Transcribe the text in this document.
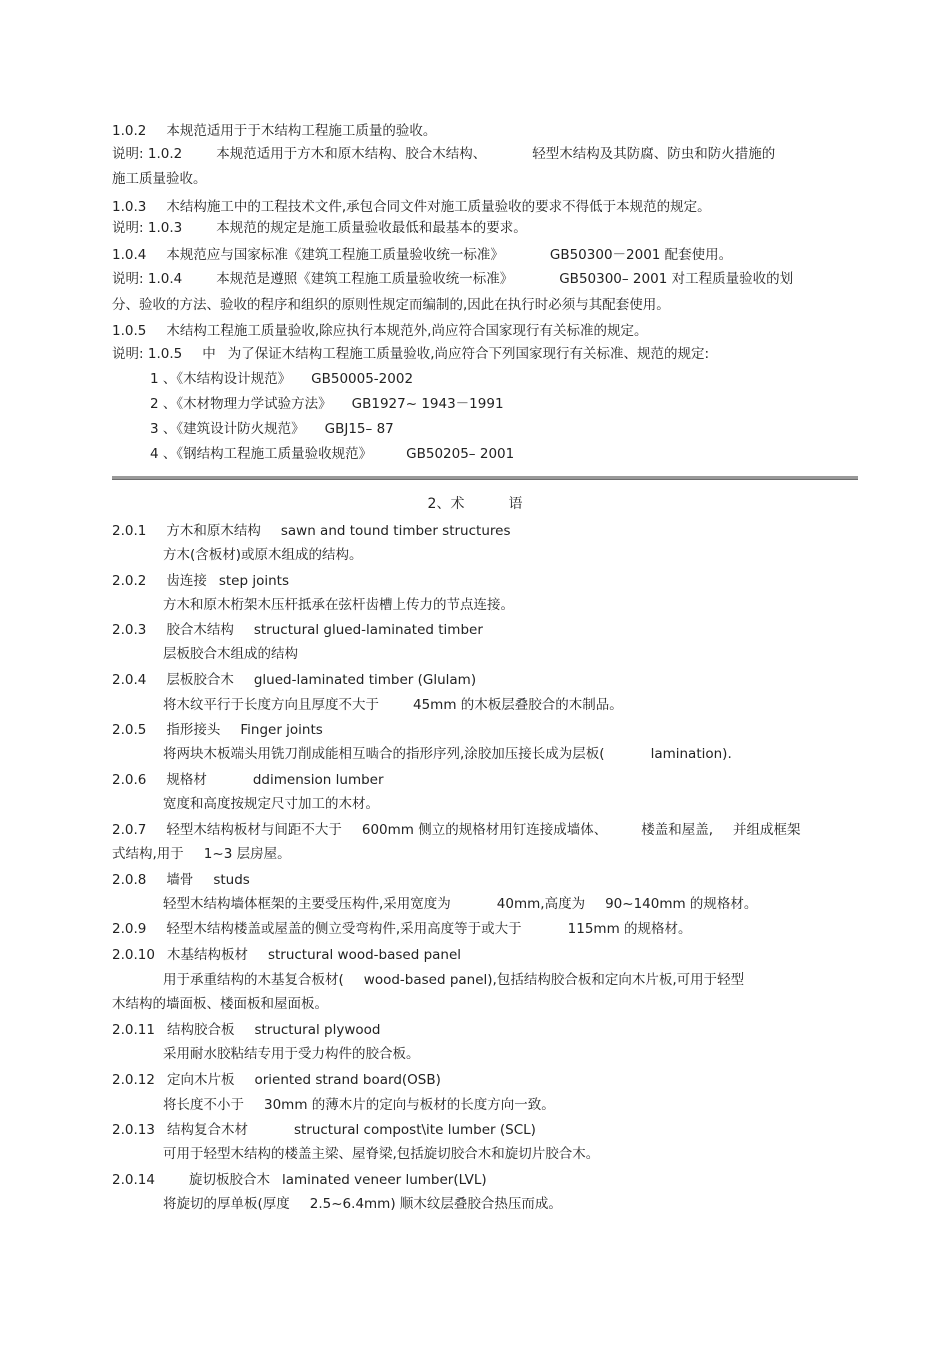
1.0.2 本规范适用于于木结构工程施工质量的验收。
说明: 1.0.2	本规范适用于方木和原木结构、胶合木结构、	轻型木结构及其防腐、防虫和防火措施的
施工质量验收。
1.0.3 木结构施工中的工程技术文件,承包合同文件对施工质量验收的要求不得低于本规范的规定。
说明: 1.0.3	本规范的规定是施工质量验收最低和最基本的要求。
1.0.4 本规范应与国家标准《建筑工程施工质量验收统一标准》	GB50300－2001 配套使用。
说明: 1.0.4	本规范是遵照《建筑工程施工质量验收统一标准》	GB50300– 2001 对工程质量验收的划
分、验收的方法、验收的程序和组织的原则性规定而编制的,因此在执行时必须与其配套使用。
1.0.5 木结构工程施工质量验收,除应执行本规范外,尚应符合国家现行有关标准的规定。
说明: 1.0.5 中 为了保证木结构工程施工质量验收,尚应符合下列国家现行有关标准、规范的规定:
1 、《木结构设计规范》 GB50005-2002
2 、《木材物理力学试验方法》 GB1927~ 1943－1991
3 、《建筑设计防火规范》 GBJ15– 87
4 、《钢结构工程施工质量验收规范》	GB50205– 2001
2、术	语
2.0.1 方木和原木结构 sawn and tound timber structures
方木(含板材)或原木组成的结构。
2.0.2 齿连接 step joints
方木和原木桁架木压杆抵承在弦杆齿槽上传力的节点连接。
2.0.3 胶合木结构 structural glued-laminated timber
层板胶合木组成的结构
2.0.4 层板胶合木 glued-laminated timber (Glulam)
将木纹平行于长度方向且厚度不大于	45mm 的木板层叠胶合的木制品。
2.0.5 指形接头 Finger joints
将两块木板端头用铣刀削成能相互啮合的指形序列,涂胶加压接长成为层板(	lamination).
2.0.6 规格材	ddimension lumber
宽度和高度按规定尺寸加工的木材。
2.0.7 轻型木结构板材与间距不大于 600mm 侧立的规格材用钉连接成墙体、	楼盖和屋盖, 并组成框架
式结构,用于 1~3 层房屋。
2.0.8 墙骨 studs
轻型木结构墙体框架的主要受压构件,采用宽度为	40mm,高度为 90~140mm 的规格材。
2.0.9 轻型木结构楼盖或屋盖的侧立受弯构件,采用高度等于或大于	115mm 的规格材。
2.0.10 木基结构板材 structural wood-based panel
用于承重结构的木基复合板材( wood-based panel),包括结构胶合板和定向木片板,可用于轻型
木结构的墙面板、楼面板和屋面板。
2.0.11 结构胶合板 structural plywood
采用耐水胶粘结专用于受力构件的胶合板。
2.0.12 定向木片板 oriented strand board(OSB)
将长度不小于 30mm 的薄木片的定向与板材的长度方向一致。
2.0.13 结构复合木材	structural compost\ite lumber (SCL)
可用于轻型木结构的楼盖主梁、屋脊梁,包括旋切胶合木和旋切片胶合木。
2.0.14	旋切板胶合木 laminated veneer lumber(LVL)
将旋切的厚单板(厚度 2.5~6.4mm) 顺木纹层叠胶合热压而成。
